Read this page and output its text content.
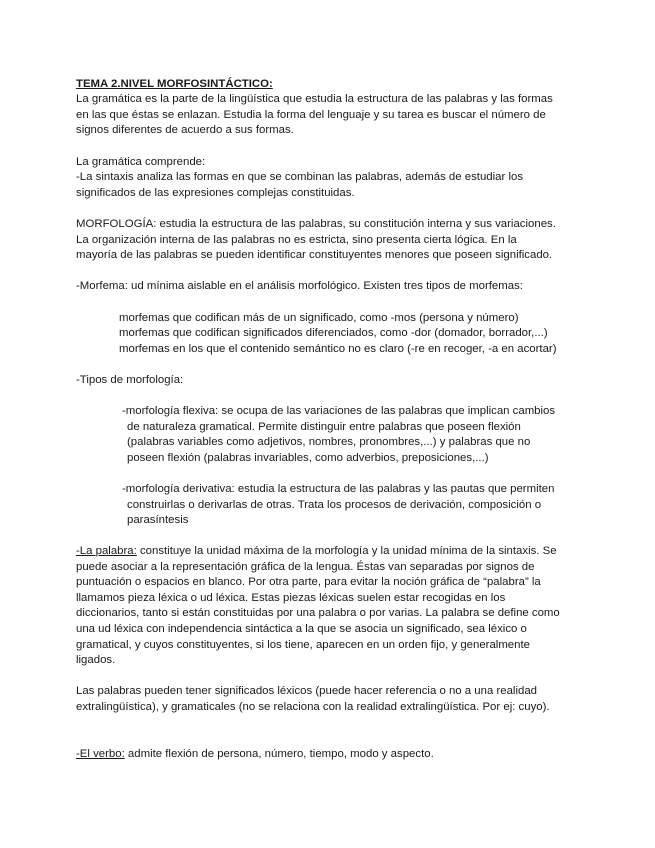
TEMA 2.NIVEL MORFOSINTÁCTICO:
La gramática es la parte de la lingüística que estudia la estructura de las palabras y las formas
en las que éstas se enlazan. Estudia la forma del lenguaje y su tarea es buscar el número de
signos diferentes de acuerdo a sus formas.
La gramática comprende:
-La sintaxis analiza las formas en que se combinan las palabras, además de estudiar los
significados de las expresiones complejas constituidas.
MORFOLOGÍA: estudia la estructura de las palabras, su constitución interna y sus variaciones.
La organización interna de las palabras no es estricta, sino presenta cierta lógica. En la
mayoría de las palabras se pueden identificar constituyentes menores que poseen significado.
-Morfema: ud mínima aislable en el análisis morfológico. Existen tres tipos de morfemas:
morfemas que codifican más de un significado, como -mos (persona y número)
morfemas que codifican significados diferenciados, como -dor (domador, borrador,...)
morfemas en los que el contenido semántico no es claro (-re en recoger, -a en acortar)
-Tipos de morfología:
-morfología flexiva: se ocupa de las variaciones de las palabras que implican cambios
de naturaleza gramatical. Permite distinguir entre palabras que poseen flexión
(palabras variables como adjetivos, nombres, pronombres,...) y palabras que no
poseen flexión (palabras invariables, como adverbios, preposiciones,...)
-morfología derivativa: estudia la estructura de las palabras y las pautas que permiten
construirlas o derivarlas de otras. Trata los procesos de derivación, composición o
parasíntesis
-La palabra: constituye la unidad máxima de la morfología y la unidad mínima de la sintaxis. Se
puede asociar a la representación gráfica de la lengua. Éstas van separadas por signos de
puntuación o espacios en blanco. Por otra parte, para evitar la noción gráfica de “palabra” la
llamamos pieza léxica o ud léxica. Estas piezas léxicas suelen estar recogidas en los
diccionarios, tanto si están constituidas por una palabra o por varias. La palabra se define como
una ud léxica con independencia sintáctica a la que se asocia un significado, sea léxico o
gramatical, y cuyos constituyentes, si los tiene, aparecen en un orden fijo, y generalmente
ligados.
Las palabras pueden tener significados léxicos (puede hacer referencia o no a una realidad
extralingüística), y gramaticales (no se relaciona con la realidad extralingüística. Por ej: cuyo).
-El verbo: admite flexión de persona, número, tiempo, modo y aspecto.
